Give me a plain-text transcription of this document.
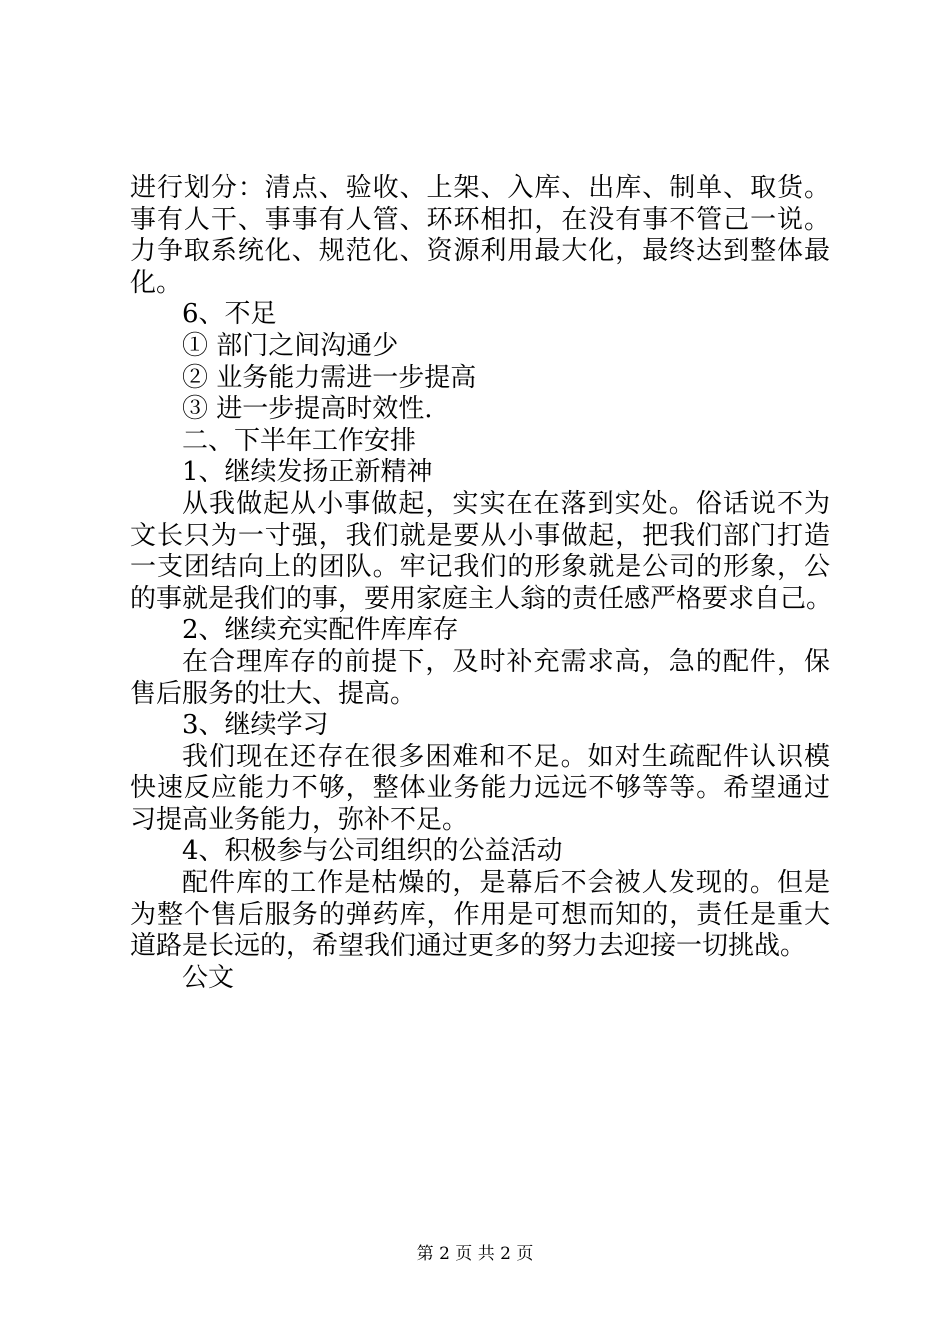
进行划分：清点、验收、上架、入库、出库、制单、取货。
事有人干、事事有人管、环环相扣，在没有事不管己一说。
力争取系统化、规范化、资源利用最大化，最终达到整体最
化。
6、不足
① 部门之间沟通少
② 业务能力需进一步提高
③ 进一步提高时效性.
二、下半年工作安排
1、继续发扬正新精神
从我做起从小事做起，实实在在落到实处。俗话说不为
文长只为一寸强，我们就是要从小事做起，把我们部门打造
一支团结向上的团队。牢记我们的形象就是公司的形象，公
的事就是我们的事，要用家庭主人翁的责任感严格要求自己。
2、继续充实配件库库存
在合理库存的前提下，及时补充需求高，急的配件，保
售后服务的壮大、提高。
3、继续学习
我们现在还存在很多困难和不足。如对生疏配件认识模
快速反应能力不够，整体业务能力远远不够等等。希望通过
习提高业务能力，弥补不足。
4、积极参与公司组织的公益活动
配件库的工作是枯燥的，是幕后不会被人发现的。但是
为整个售后服务的弹药库，作用是可想而知的，责任是重大
道路是长远的，希望我们通过更多的努力去迎接一切挑战。
公文
第 2 页 共 2 页
